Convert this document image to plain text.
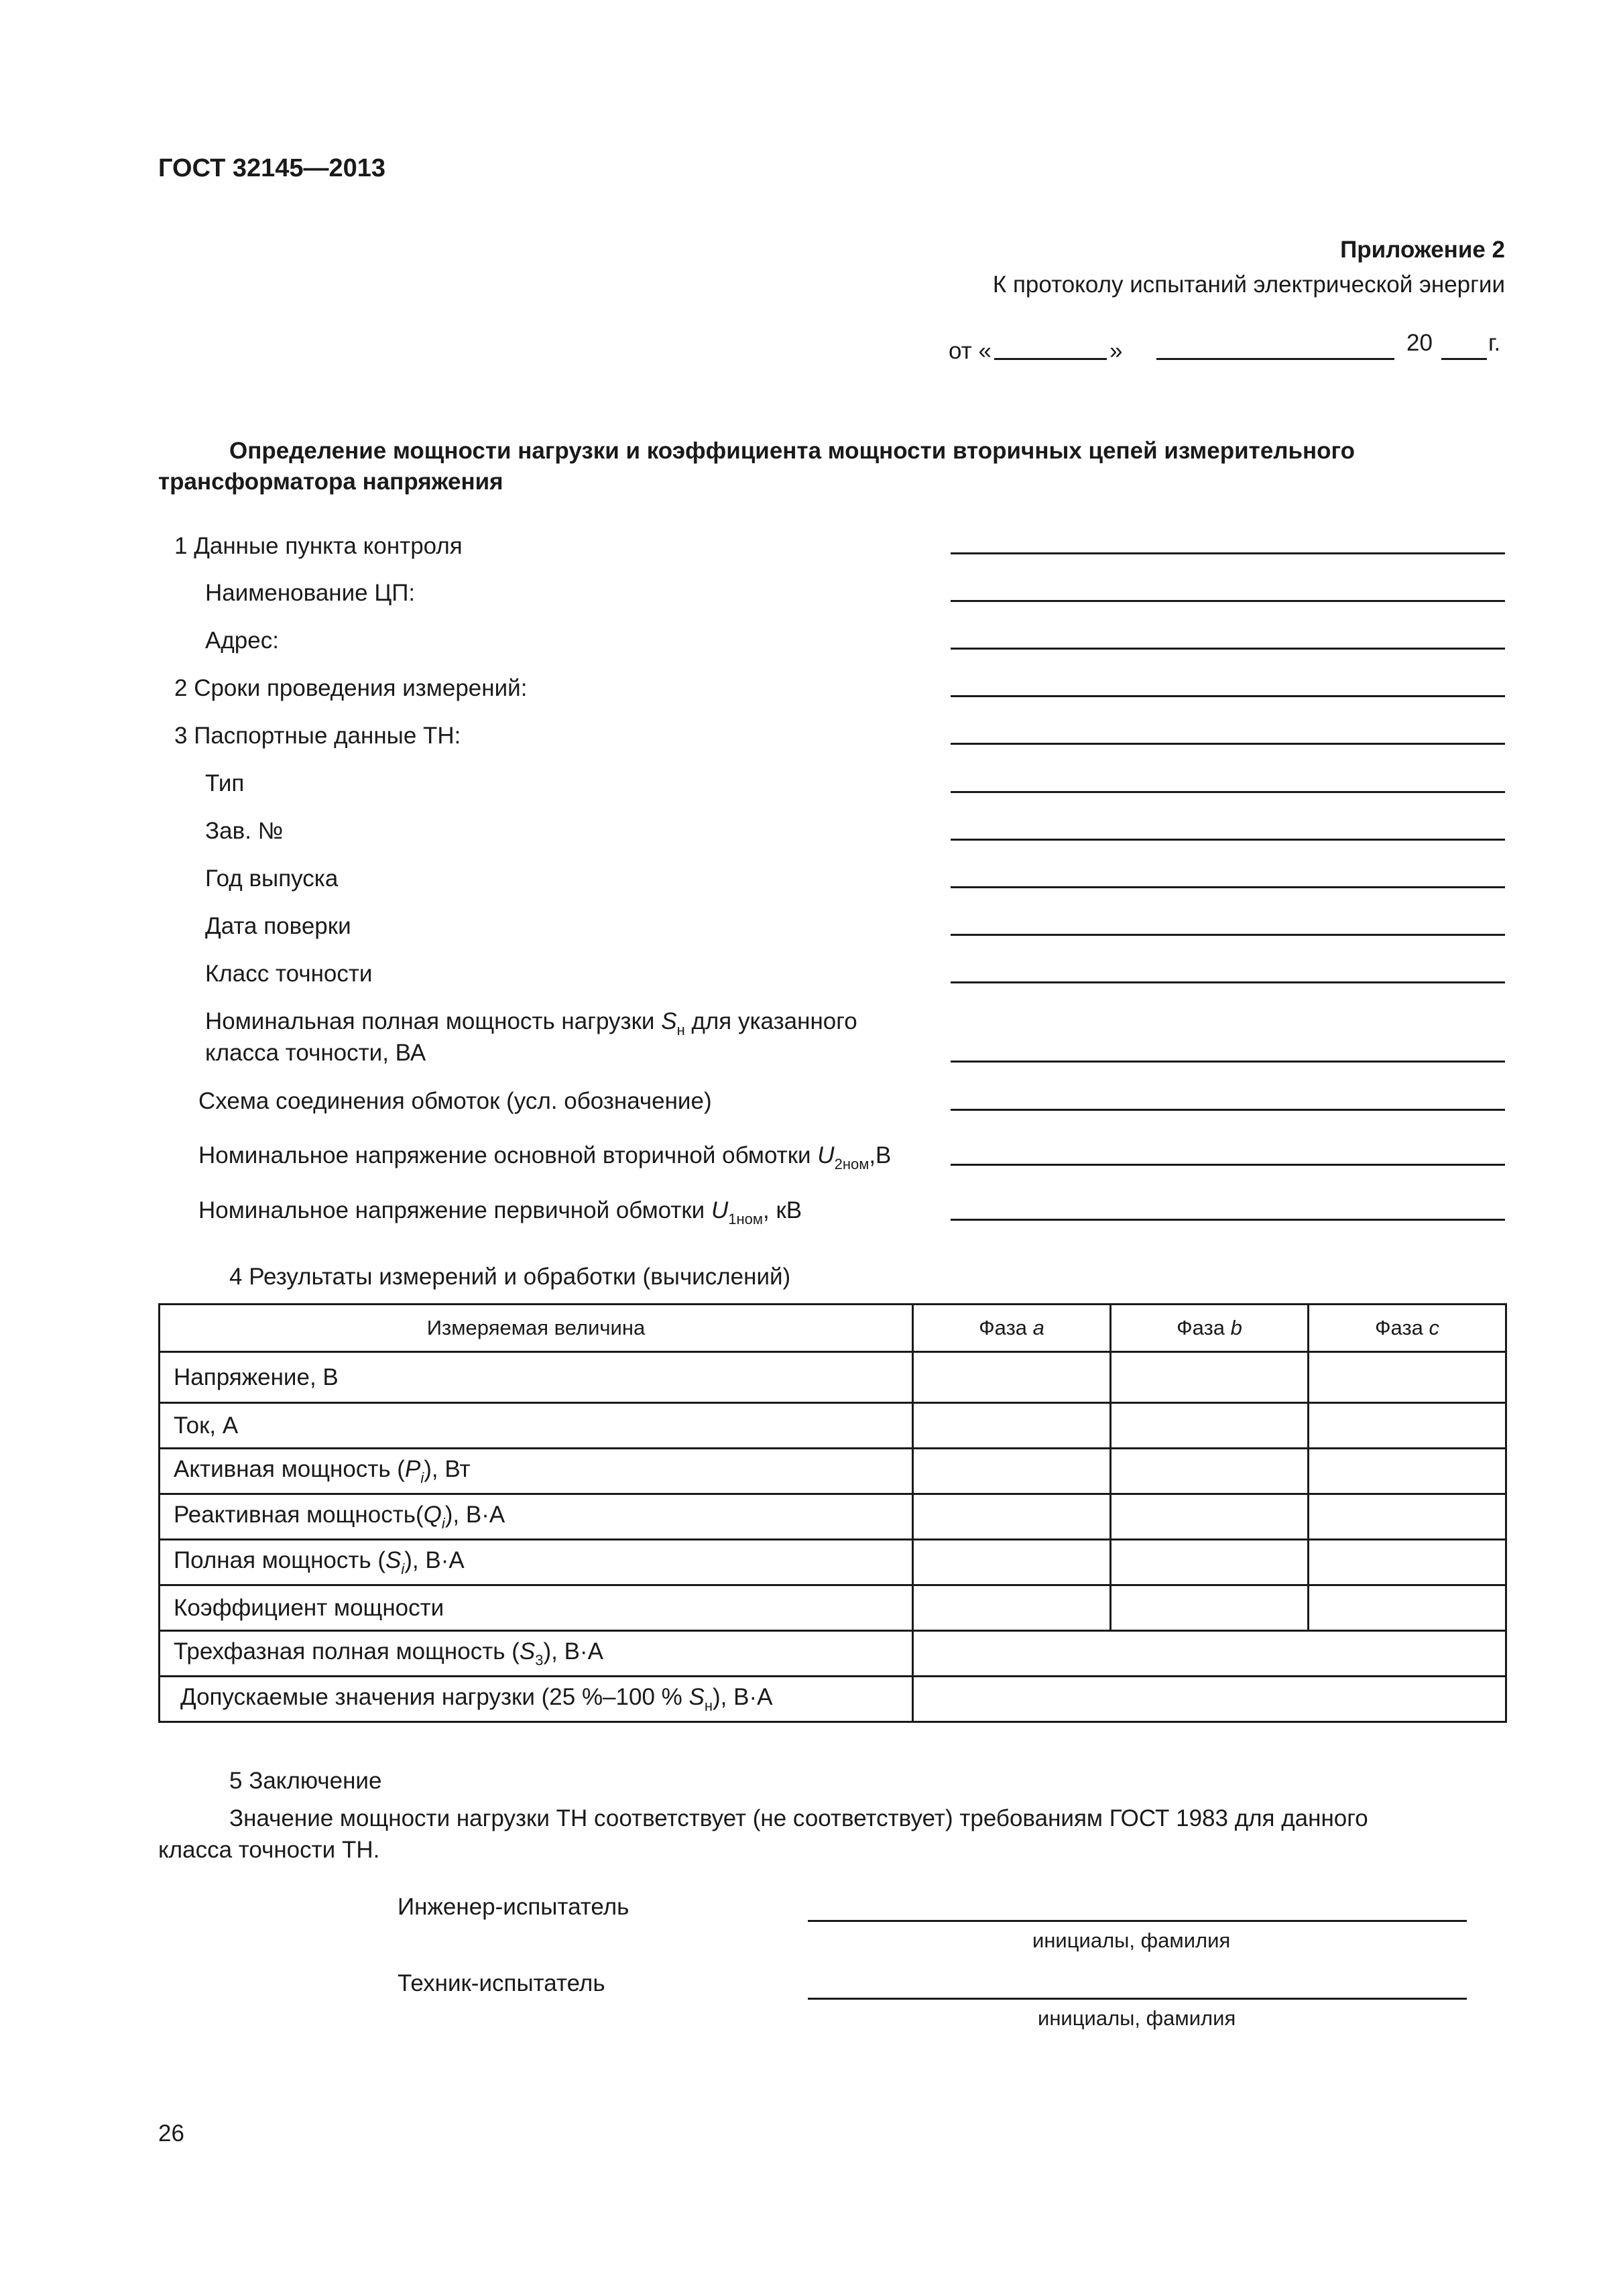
ГОСТ 32145—2013
Приложение 2
К протоколу испытаний электрической энергии
от «	»	20 г.
Определение мощности нагрузки и коэффициента мощности вторичных цепей измерительного трансформатора напряжения
1 Данные пункта контроля
Наименование ЦП:
Адрес:
2 Сроки проведения измерений:
3 Паспортные данные ТН:
Тип
Зав. №
Год выпуска
Дата поверки
Класс точности
Номинальная полная мощность нагрузки $S_н$ для указанного
класса точности, ВА
Схема соединения обмоток (усл. обозначение)
Номинальное напряжение основной вторичной обмотки $U_{2ном},В$
Номинальное напряжение первичной обмотки $U_{1ном}$, кВ
4 Результаты измерений и обработки (вычислений)
Измеряемая величина	Фаза a	Фаза b	Фаза c
Напряжение, В			
Ток, А			
Активная мощность $(P_i)$, Вт			
Реактивная $мощность(Q_i)$, В·А			
Полная мощность $(S_i)$, В·А			
Коэффициент мощности			
Трехфазная полная мощность $(S_3)$, В·А			
Допускаемые значения нагрузки (25 %–100 % $S_н$), В·А			
5 Заключение
Значение мощности нагрузки ТН соответствует (не соответствует) требованиям ГОСТ 1983 для данного
класса точности ТН.
Инженер-испытатель
инициалы, фамилия
Техник-испытатель
инициалы, фамилия
26
